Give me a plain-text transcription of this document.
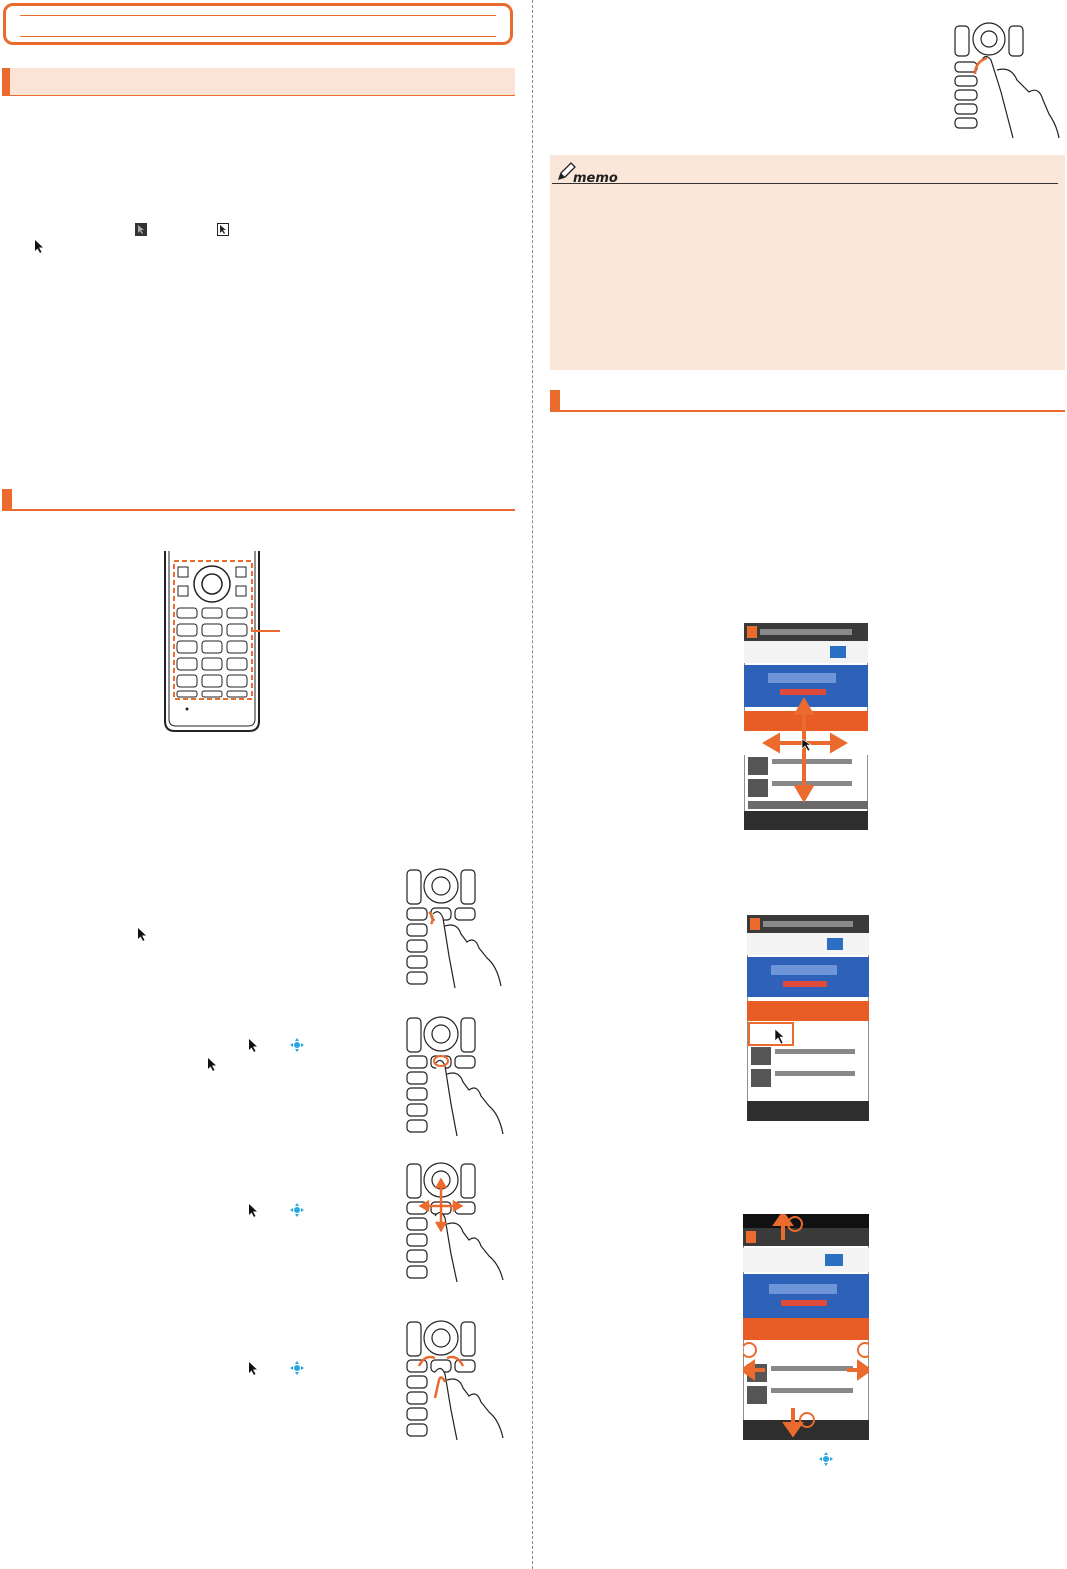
memo
